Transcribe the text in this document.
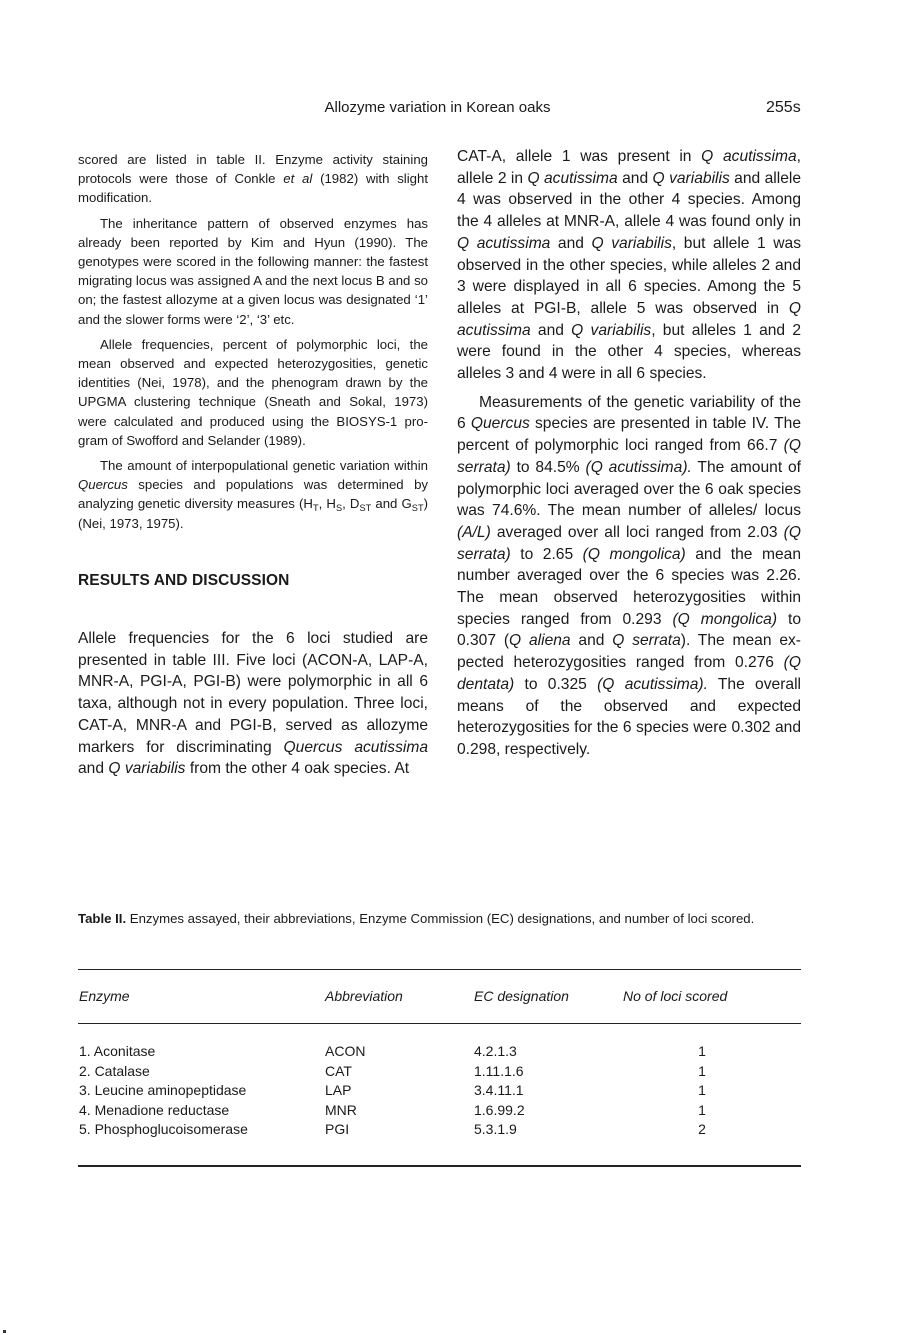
Allozyme variation in Korean oaks	255s

scored are listed in table II. Enzyme activity staining protocols were those of Conkle et al (1982) with slight modification.

The inheritance pattern of observed enzymes has already been reported by Kim and Hyun (1990). The genotypes were scored in the following manner: the fastest migrating locus was assigned A and the next locus B and so on; the fastest allozyme at a given locus was designated ‘1’ and the slower forms were ‘2’, ‘3’ etc.

Allele frequencies, percent of polymorphic loci, the mean observed and expected heterozygosities, genetic identities (Nei, 1978), and the phenogram drawn by the UPGMA clustering technique (Sneath and Sokal, 1973) were calculated and produced using the BIOSYS-1 program of Swofford and Selander (1989).

The amount of interpopulational genetic variation within Quercus species and populations was determined by analyzing genetic diversity measures ($H_T$, $H_S$, $D_{ST}$ and $G_{ST}$) (Nei, 1973, 1975).

RESULTS AND DISCUSSION

Allele frequencies for the 6 loci studied are presented in table III. Five loci (ACON-A, LAP-A, MNR-A, PGI-A, PGI-B) were polymorphic in all 6 taxa, although not in every population. Three loci, CAT-A, MNR-A and PGI-B, served as allozyme markers for discriminating Quercus acutissima and Q variabilis from the other 4 oak species. At

CAT-A, allele 1 was present in Q acutissima, allele 2 in Q acutissima and Q variabilis and allele 4 was observed in the other 4 species. Among the 4 alleles at MNR-A, allele 4 was found only in Q acutissima and Q variabilis, but allele 1 was observed in the other species, while alleles 2 and 3 were displayed in all 6 species. Among the 5 alleles at PGI-B, allele 5 was observed in Q acutissima and Q variabilis, but alleles 1 and 2 were found in the other 4 species, whereas alleles 3 and 4 were in all 6 species.

Measurements of the genetic variability of the 6 Quercus species are presented in table IV. The percent of polymorphic loci ranged from 66.7 (Q serrata) to 84.5% (Q acutissima). The amount of polymorphic loci averaged over the 6 oak species was 74.6%. The mean number of alleles/ locus (A/L) averaged over all loci ranged from 2.03 (Q serrata) to 2.65 (Q mongolica) and the mean number averaged over the 6 species was 2.26. The mean observed heterozygosities within species ranged from 0.293 (Q mongolica) to 0.307 (Q aliena and Q serrata). The mean expected heterozygosities ranged from 0.276 (Q dentata) to 0.325 (Q acutissima). The overall means of the observed and expected heterozygosities for the 6 species were 0.302 and 0.298, respectively.

Table II. Enzymes assayed, their abbreviations, Enzyme Commission (EC) designations, and number of loci scored.
Enzyme	Abbreviation	EC designation	No of loci scored
1. Aconitase	ACON	4.2.1.3	1
2. Catalase	CAT	1.11.1.6	1
3. Leucine aminopeptidase	LAP	3.4.11.1	1
4. Menadione reductase	MNR	1.6.99.2	1
5. Phosphoglucoisomerase	PGI	5.3.1.9	2
